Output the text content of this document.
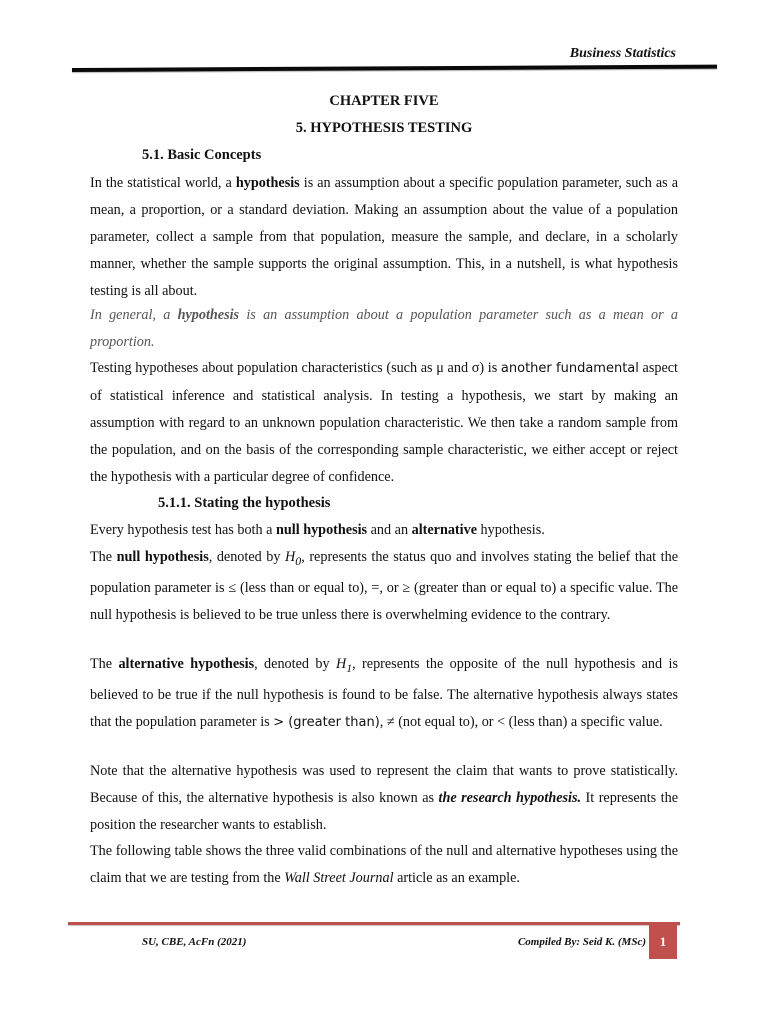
Business Statistics
CHAPTER FIVE
5. HYPOTHESIS TESTING
5.1. Basic Concepts

In the statistical world, a hypothesis is an assumption about a specific population parameter, such as a mean, a proportion, or a standard deviation. Making an assumption about the value of a population parameter, collect a sample from that population, measure the sample, and declare, in a scholarly manner, whether the sample supports the original assumption. This, in a nutshell, is what hypothesis testing is all about.

In general, a hypothesis is an assumption about a population parameter such as a mean or a proportion.

Testing hypotheses about population characteristics (such as μ and σ) is another fundamental aspect of statistical inference and statistical analysis. In testing a hypothesis, we start by making an assumption with regard to an unknown population characteristic. We then take a random sample from the population, and on the basis of the corresponding sample characteristic, we either accept or reject the hypothesis with a particular degree of confidence.

5.1.1. Stating the hypothesis

Every hypothesis test has both a null hypothesis and an alternative hypothesis.

The null hypothesis, denoted by $H_0$, represents the status quo and involves stating the belief that the population parameter is ≤ (less than or equal to), =, or ≥ (greater than or equal to) a specific value. The null hypothesis is believed to be true unless there is overwhelming evidence to the contrary.

The alternative hypothesis, denoted by $H_1$, represents the opposite of the null hypothesis and is believed to be true if the null hypothesis is found to be false. The alternative hypothesis always states that the population parameter is > (greater than), ≠ (not equal to), or < (less than) a specific value.

Note that the alternative hypothesis was used to represent the claim that wants to prove statistically. Because of this, the alternative hypothesis is also known as the research hypothesis. It represents the position the researcher wants to establish.

The following table shows the three valid combinations of the null and alternative hypotheses using the claim that we are testing from the Wall Street Journal article as an example.

SU, CBE, AcFn (2021)	Compiled By: Seid K. (MSc) 1
